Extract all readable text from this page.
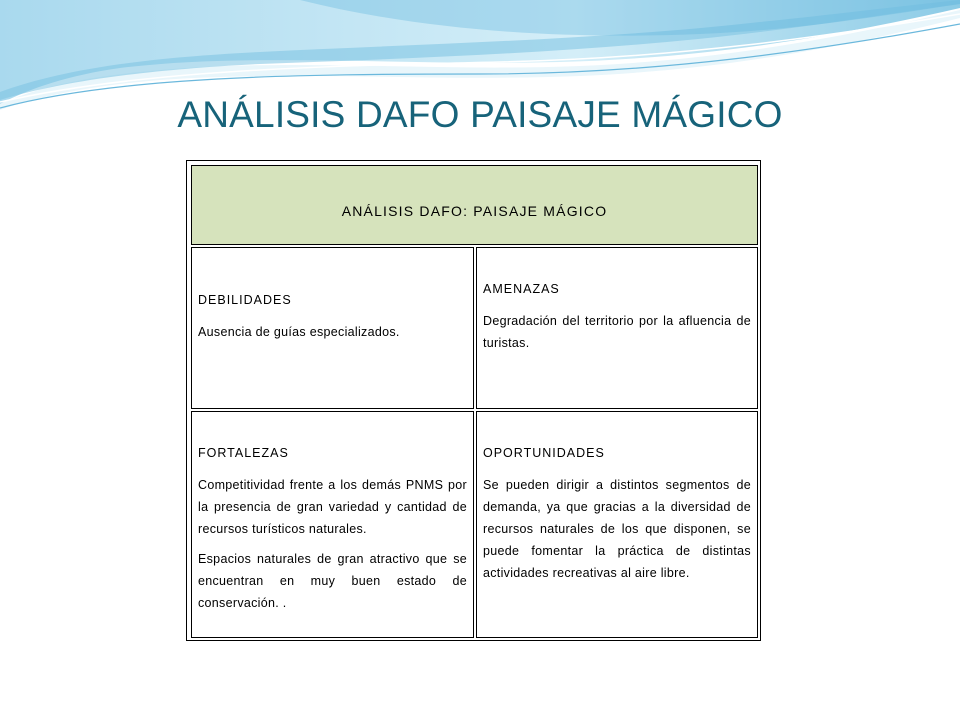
ANÁLISIS DAFO PAISAJE MÁGICO
ANÁLISIS DAFO: PAISAJE MÁGICO

DEBILIDADES

Ausencia de guías especializados.

AMENAZAS

Degradación del territorio por la afluencia de turistas.

FORTALEZAS

Competitividad frente a los demás PNMS por la presencia de gran variedad y cantidad de recursos turísticos naturales.

Espacios naturales de gran atractivo que se encuentran en muy buen estado de conservación. .

OPORTUNIDADES

Se pueden dirigir a distintos segmentos de demanda, ya que gracias a la diversidad de recursos naturales de los que disponen, se puede fomentar la práctica de distintas actividades recreativas al aire libre.
